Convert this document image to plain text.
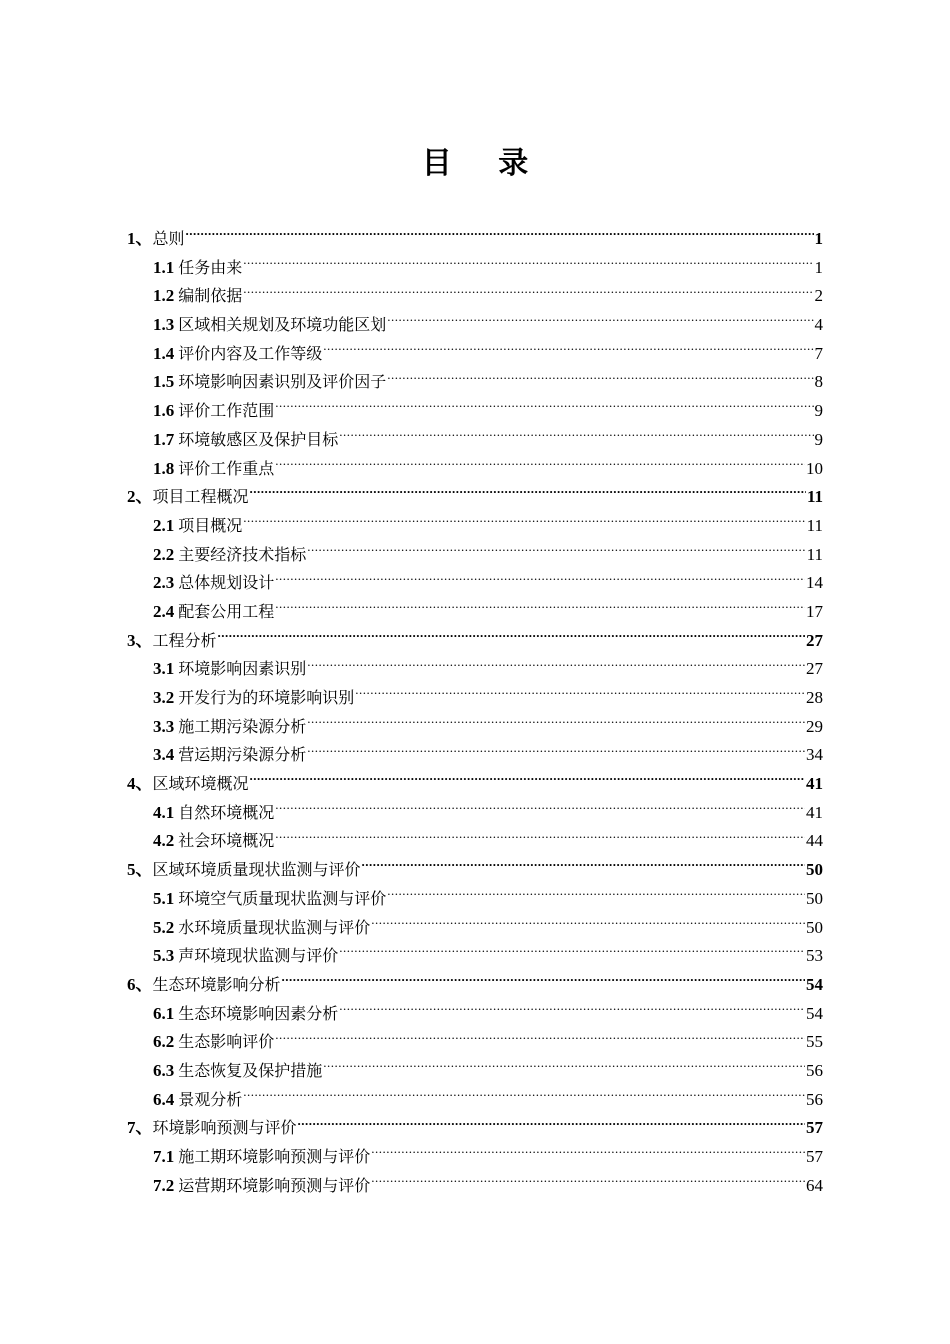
目 录
1、 总则 .....	1
1.1 任务由来 .....	1
1.2 编制依据 .....	2
1.3 区域相关规划及环境功能区划 .....	4
1.4 评价内容及工作等级 .....	7
1.5 环境影响因素识别及评价因子 .....	8
1.6 评价工作范围 .....	9
1.7 环境敏感区及保护目标 .....	9
1.8 评价工作重点 .....	10
2、 项目工程概况 .....	11
2.1 项目概况 .....	11
2.2 主要经济技术指标 .....	11
2.3 总体规划设计 .....	14
2.4 配套公用工程 .....	17
3、 工程分析 .....	27
3.1 环境影响因素识别 .....	27
3.2 开发行为的环境影响识别 .....	28
3.3 施工期污染源分析 .....	29
3.4 营运期污染源分析 .....	34
4、 区域环境概况 .....	41
4.1 自然环境概况 .....	41
4.2 社会环境概况 .....	44
5、 区域环境质量现状监测与评价 .....	50
5.1 环境空气质量现状监测与评价 .....	50
5.2 水环境质量现状监测与评价 .....	50
5.3 声环境现状监测与评价 .....	53
6、 生态环境影响分析 .....	54
6.1 生态环境影响因素分析 .....	54
6.2 生态影响评价 .....	55
6.3 生态恢复及保护措施 .....	56
6.4 景观分析 .....	56
7、 环境影响预测与评价 .....	57
7.1 施工期环境影响预测与评价 .....	57
7.2 运营期环境影响预测与评价 .....	64
